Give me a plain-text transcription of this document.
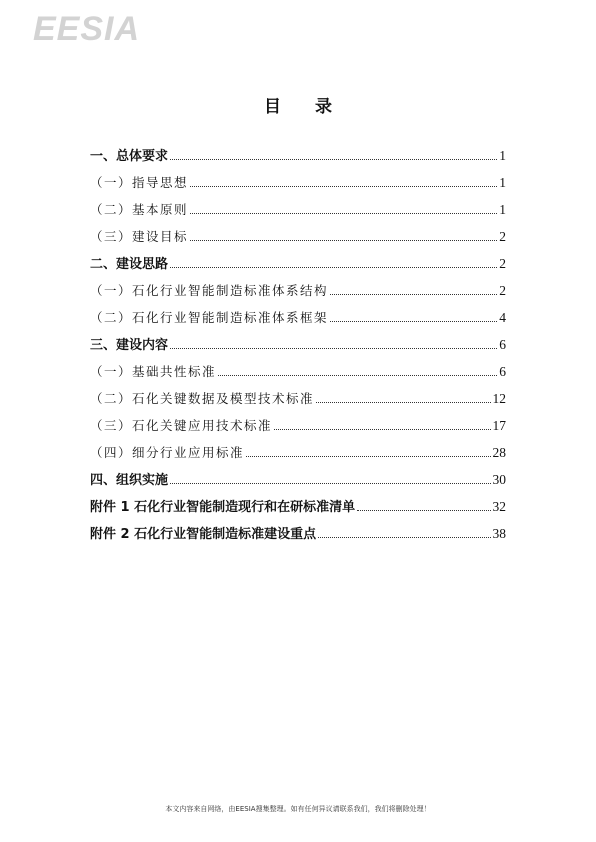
EESIA
目 录
一、总体要求	1
（一）指导思想	1
（二）基本原则	1
（三）建设目标	2
二、建设思路	2
（一）石化行业智能制造标准体系结构	2
（二）石化行业智能制造标准体系框架	4
三、建设内容	6
（一）基础共性标准	6
（二）石化关键数据及模型技术标准	12
（三）石化关键应用技术标准	17
（四）细分行业应用标准	28
四、组织实施	30
附件 1 石化行业智能制造现行和在研标准清单	32
附件 2 石化行业智能制造标准建设重点	38
本文内容来自网络，由EESIA搜集整理。如有任何异议请联系我们，我们将删除处理！
